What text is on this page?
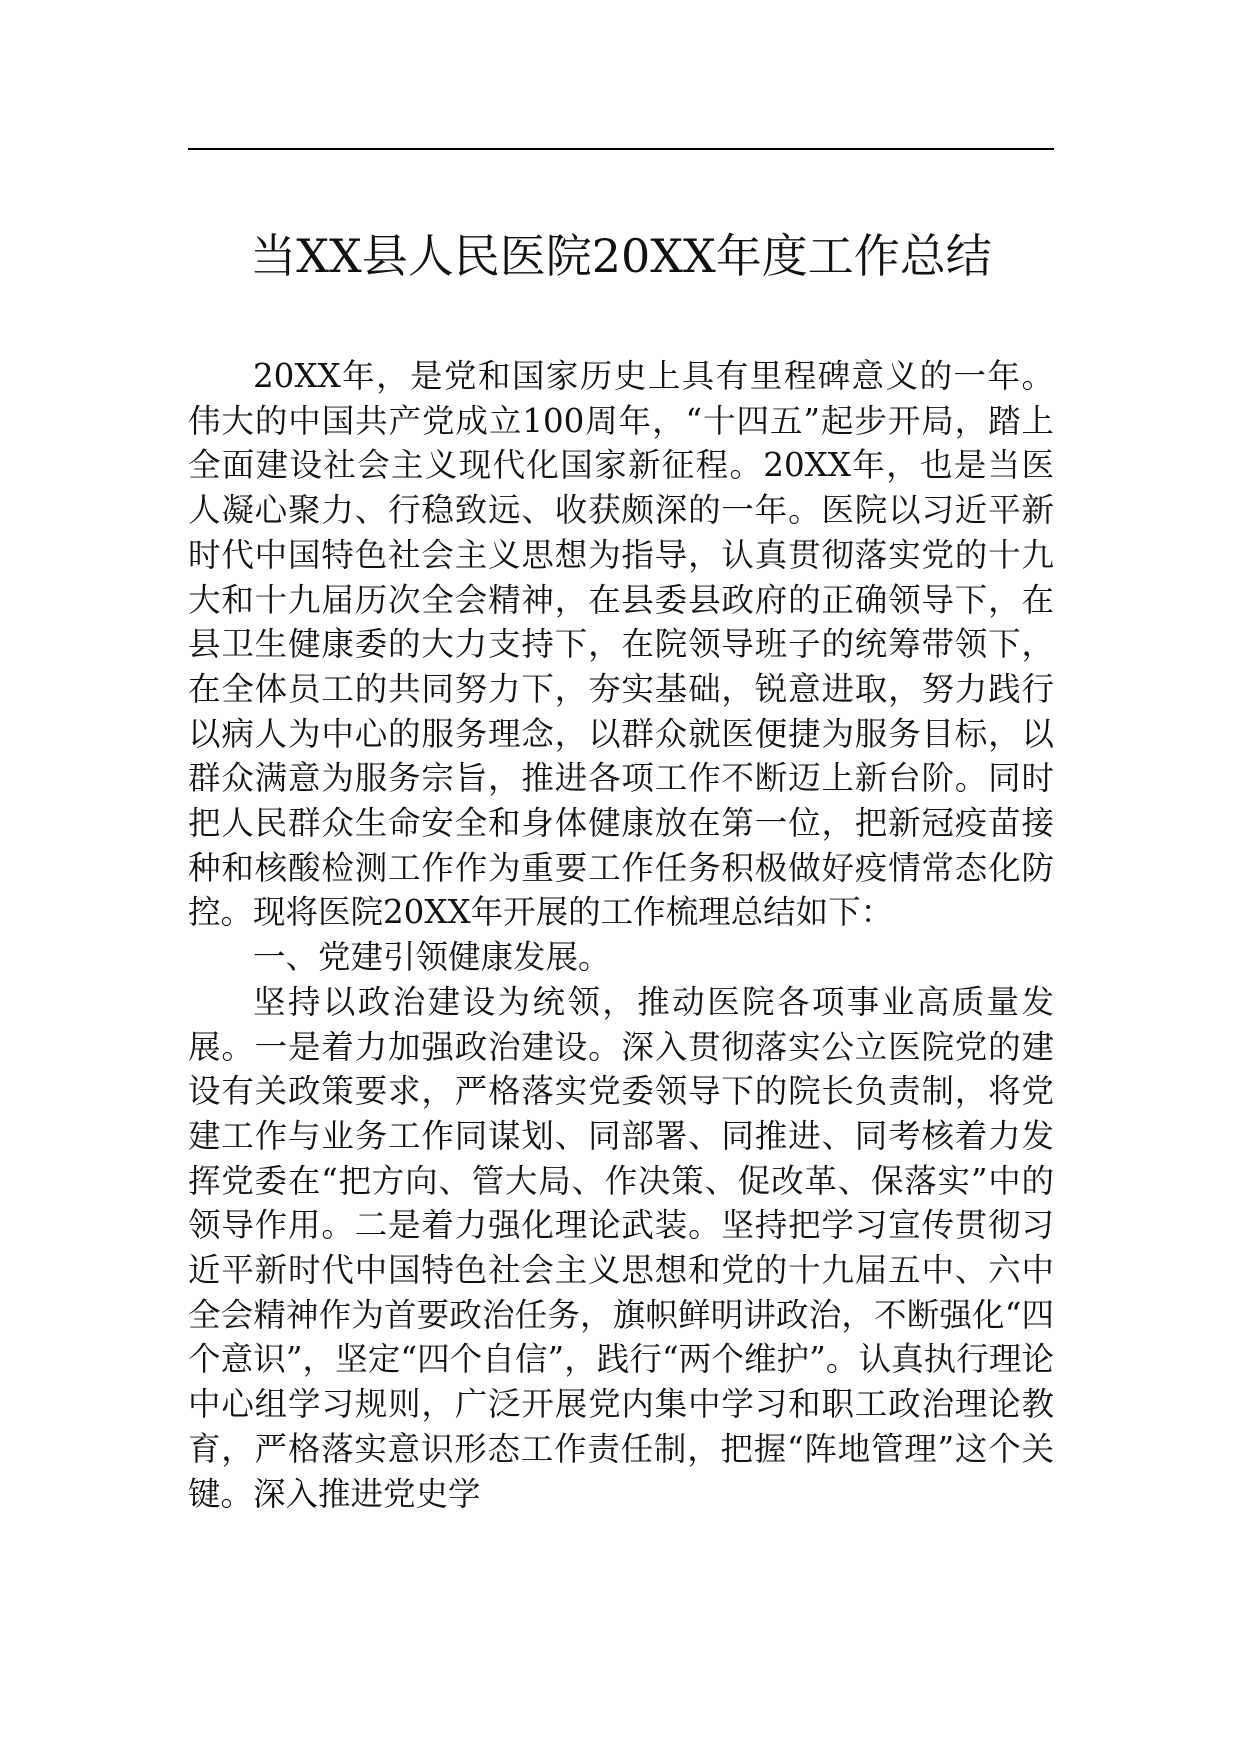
当XX县人民医院20XX年度工作总结

20XX年，是党和国家历史上具有里程碑意义的一年。伟大的中国共产党成立100周年，“十四五”起步开局，踏上全面建设社会主义现代化国家新征程。20XX年，也是当医人凝心聚力、行稳致远、收获颇深的一年。医院以习近平新时代中国特色社会主义思想为指导，认真贯彻落实党的十九大和十九届历次全会精神，在县委县政府的正确领导下，在县卫生健康委的大力支持下，在院领导班子的统筹带领下，在全体员工的共同努力下，夯实基础，锐意进取，努力践行以病人为中心的服务理念，以群众就医便捷为服务目标，以群众满意为服务宗旨，推进各项工作不断迈上新台阶。同时把人民群众生命安全和身体健康放在第一位，把新冠疫苗接种和核酸检测工作作为重要工作任务积极做好疫情常态化防控。现将医院20XX年开展的工作梳理总结如下：

一、党建引领健康发展。

坚持以政治建设为统领，推动医院各项事业高质量发展。一是着力加强政治建设。深入贯彻落实公立医院党的建设有关政策要求，严格落实党委领导下的院长负责制，将党建工作与业务工作同谋划、同部署、同推进、同考核着力发挥党委在“把方向、管大局、作决策、促改革、保落实”中的领导作用。二是着力强化理论武装。坚持把学习宣传贯彻习近平新时代中国特色社会主义思想和党的十九届五中、六中全会精神作为首要政治任务，旗帜鲜明讲政治，不断强化“四个意识”，坚定“四个自信”，践行“两个维护”。认真执行理论中心组学习规则，广泛开展党内集中学习和职工政治理论教育，严格落实意识形态工作责任制，把握“阵地管理”这个关键。深入推进党史学
